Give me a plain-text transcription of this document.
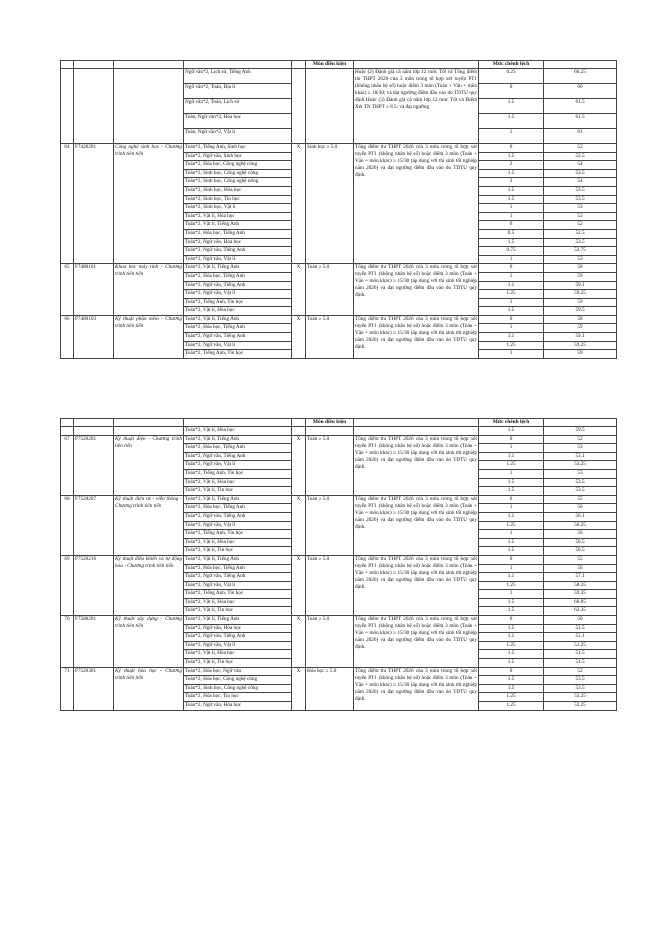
					Môn điều kiện		Mức chênh lệch	
			Ngữ văn*2, Lịch sử, Tiếng Anh			Hoặc (2) Đánh giá cả năm lớp 12 mức Tốt và Tổng điểm thi THPT 2026 của 3 môn trong tổ hợp xét tuyển PT1 (không nhân hệ số) hoặc điểm 3 môn (Toán + Văn + môn khác) ≥ 18/30; và đạt ngưỡng điểm đầu vào do TDTU quy định Hoặc (3) Đánh giá cả năm lớp 12 mức Tốt và Điểm Xét TN THPT ≥ 8.5; và đạt ngưỡng	0.25	60.25
			Ngữ văn*2, Toán, Địa lí				0	60
			Ngữ văn*2, Toán, Lịch sử				1.5	61.5
			Toán, Ngữ văn*2, Hóa học				1.5	61.5
			Toán, Ngữ văn*2, Vật lí				1	61
64	F7420201	Công nghệ sinh học - Chương trình tiên tiến	Toán*2, Tiếng Anh, Sinh học	X	Sinh học ≥ 5.0	Tổng điểm thi THPT 2026 của 3 môn trong tổ hợp xét tuyển PT1 (không nhân hệ số) hoặc điểm 3 môn (Toán + Văn + môn khác) ≥ 15/30 (áp dụng với thí sinh tốt nghiệp năm 2026) và đạt ngưỡng điểm đầu vào do TDTU quy định.	0	52
			Toán*2, Ngữ văn, Sinh học				1.5	53.5
			Toán*2, Hóa học, Công nghệ công				2	54
			Toán*2, Sinh học, Công nghệ công				1.5	53.5
			Toán*2, Sinh học, Công nghệ nông				2	54
			Toán*2, Sinh học, Hóa học				1.5	53.5
			Toán*2, Sinh học, Tin học				1.5	53.5
			Toán*2, Sinh học, Vật lí				1	53
			Toán*2, Vật lí, Hóa học				1	53
			Toán*2, Vật lí, Tiếng Anh				0	52
			Toán*2, Hóa học, Tiếng Anh				0.5	52.5
			Toán*2, Ngữ văn, Hóa học				1.5	53.5
			Toán*2, Ngữ văn, Tiếng Anh				0.75	52.75
			Toán*2, Ngữ văn, Vật lí				1	53
65	F7480101	Khoa học máy tính - Chương trình tiên tiến	Toán*2, Vật lí, Tiếng Anh	X	Toán ≥ 5.0	Tổng điểm thi THPT 2026 của 3 môn trong tổ hợp xét tuyển PT1 (không nhân hệ số) hoặc điểm 3 môn (Toán + Văn + môn khác) ≥ 15/30 (áp dụng với thí sinh tốt nghiệp năm 2026) và đạt ngưỡng điểm đầu vào do TDTU quy định.	0	58
			Toán*2, Hóa học, Tiếng Anh				1	59
			Toán*2, Ngữ văn, Tiếng Anh				1.1	59.1
			Toán*2, Ngữ văn, Vật lí				1.25	59.25
			Toán*2, Tiếng Anh, Tin học				1	59
			Toán*2, Vật lí, Hóa học				1.5	59.5
66	F7480103	Kỹ thuật phần mềm - Chương trình tiên tiến	Toán*2, Vật lí, Tiếng Anh	X	Toán ≥ 5.0	Tổng điểm thi THPT 2026 của 3 môn trong tổ hợp xét tuyển PT1 (không nhân hệ số) hoặc điểm 3 môn (Toán + Văn + môn khác) ≥ 15/30 (áp dụng với thí sinh tốt nghiệp năm 2026) và đạt ngưỡng điểm đầu vào do TDTU quy định.	0	58
			Toán*2, Hóa học, Tiếng Anh				1	59
			Toán*2, Ngữ văn, Tiếng Anh				1.1	59.1
			Toán*2, Ngữ văn, Vật lí				1.25	59.25
			Toán*2, Tiếng Anh, Tin học				1	59
					Môn điều kiện		Mức chênh lệch	
			Toán*2, Vật lí, Hóa học				1.5	59.5
67	F7520201	Kỹ thuật điện - Chương trình tiên tiến	Toán*2, Vật lí, Tiếng Anh	X	Toán ≥ 5.0	Tổng điểm thi THPT 2026 của 3 môn trong tổ hợp xét tuyển PT1 (không nhân hệ số) hoặc điểm 3 môn (Toán + Văn + môn khác) ≥ 15/30 (áp dụng với thí sinh tốt nghiệp năm 2026) và đạt ngưỡng điểm đầu vào do TDTU quy định.	0	52
			Toán*2, Hóa học, Tiếng Anh				1	53
			Toán*2, Ngữ văn, Tiếng Anh				1.1	53.1
			Toán*2, Ngữ văn, Vật lí				1.25	53.25
			Toán*2, Tiếng Anh, Tin học				1	53
			Toán*2, Vật lí, Hóa học				1.5	53.5
			Toán*2, Vật lí, Tin học				1.5	53.5
68	F7520207	Kỹ thuật điện tử - viễn thông - Chương trình tiên tiến	Toán*2, Vật lí, Tiếng Anh	X	Toán ≥ 5.0	Tổng điểm thi THPT 2026 của 3 môn trong tổ hợp xét tuyển PT1 (không nhân hệ số) hoặc điểm 3 môn (Toán + Văn + môn khác) ≥ 15/30 (áp dụng với thí sinh tốt nghiệp năm 2026) và đạt ngưỡng điểm đầu vào do TDTU quy định.	0	55
			Toán*2, Hóa học, Tiếng Anh				1	56
			Toán*2, Ngữ văn, Tiếng Anh				1.1	56.1
			Toán*2, Ngữ văn, Vật lí				1.25	56.25
			Toán*2, Tiếng Anh, Tin học				1	56
			Toán*2, Vật lí, Hóa học				1.5	56.5
			Toán*2, Vật lí, Tin học				1.5	56.5
69	F7520216	Kỹ thuật điều khiển và tự động hóa - Chương trình tiên tiến	Toán*2, Vật lí, Tiếng Anh	X	Toán ≥ 5.0	Tổng điểm thi THPT 2026 của 3 môn trong tổ hợp xét tuyển PT1 (không nhân hệ số) hoặc điểm 3 môn (Toán + Văn + môn khác) ≥ 15/30 (áp dụng với thí sinh tốt nghiệp năm 2026) và đạt ngưỡng điểm đầu vào do TDTU quy định.	0	55
			Toán*2, Hóa học, Tiếng Anh				1	56
			Toán*2, Ngữ văn, Tiếng Anh				1.1	57.1
			Toán*2, Ngữ văn, Vật lí				1.25	58.35
			Toán*2, Tiếng Anh, Tin học				1	59.35
			Toán*2, Vật lí, Hóa học				1.5	60.85
			Toán*2, Vật lí, Tin học				1.5	62.35
70	F7580201	Kỹ thuật xây dựng - Chương trình tiên tiến	Toán*2, Vật lí, Tiếng Anh	X	Toán ≥ 5.0	Tổng điểm thi THPT 2026 của 3 môn trong tổ hợp xét tuyển PT1 (không nhân hệ số) hoặc điểm 3 môn (Toán + Văn + môn khác) ≥ 15/30 (áp dụng với thí sinh tốt nghiệp năm 2026) và đạt ngưỡng điểm đầu vào do TDTU quy định.	0	50
			Toán*2, Ngữ văn, Hóa học				1.5	51.5
			Toán*2, Ngữ văn, Tiếng Anh				1.1	51.1
			Toán*2, Ngữ văn, Vật lí				1.25	51.25
			Toán*2, Vật lí, Hóa học				1.5	51.5
			Toán*2, Vật lí, Tin học				1.5	51.5
71	F7520301	Kỹ thuật hóa học - Chương trình tiên tiến	Toán*2, Hóa học, Ngữ văn	X	Hóa học ≥ 5.0	Tổng điểm thi THPT 2026 của 3 môn trong tổ hợp xét tuyển PT1 (không nhân hệ số) hoặc điểm 3 môn (Toán + Văn + môn khác) ≥ 15/30 (áp dụng với thí sinh tốt nghiệp năm 2026) và đạt ngưỡng điểm đầu vào do TDTU quy định.	0	52
			Toán*2, Hóa học, Công nghệ công				1.5	53.5
			Toán*2, Sinh học, Công nghệ công				1.5	53.5
			Toán*2, Hóa học, Tin học				1.25	53.25
			Toán*2, Ngữ văn, Hóa học				1.25	53.25
